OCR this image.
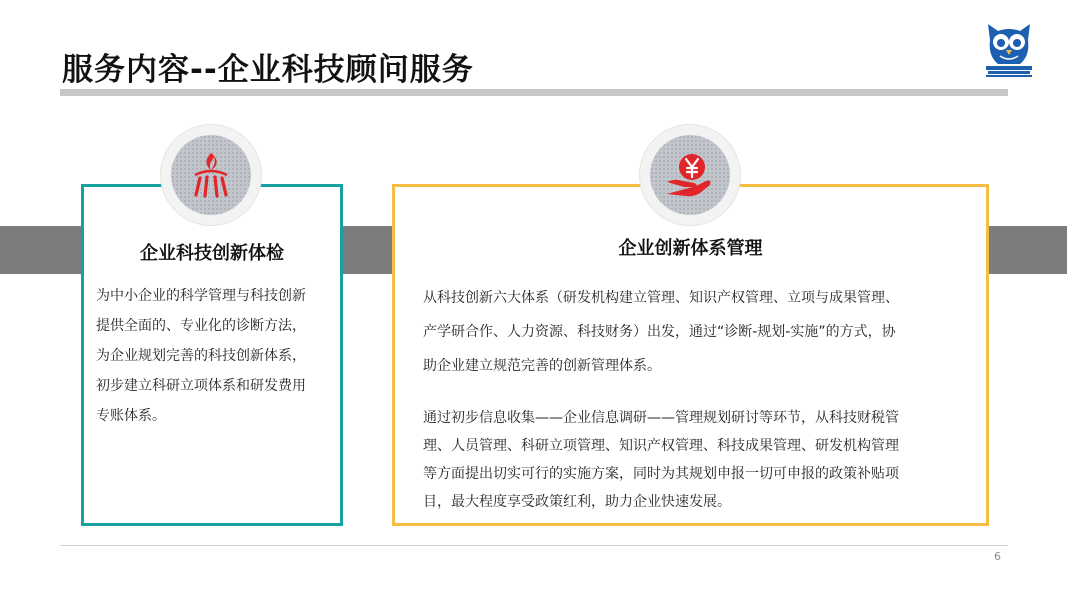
服务内容--企业科技顾问服务
企业科技创新体检
为中小企业的科学管理与科技创新
提供全面的、专业化的诊断方法，
为企业规划完善的科技创新体系，
初步建立科研立项体系和研发费用
专账体系。
企业创新体系管理
从科技创新六大体系（研发机构建立管理、知识产权管理、立项与成果管理、
产学研合作、人力资源、科技财务）出发，通过“诊断-规划-实施”的方式，协
助企业建立规范完善的创新管理体系。
通过初步信息收集——企业信息调研——管理规划研讨等环节，从科技财税管
理、人员管理、科研立项管理、知识产权管理、科技成果管理、研发机构管理
等方面提出切实可行的实施方案，同时为其规划申报一切可申报的政策补贴项
目，最大程度享受政策红利，助力企业快速发展。
6
